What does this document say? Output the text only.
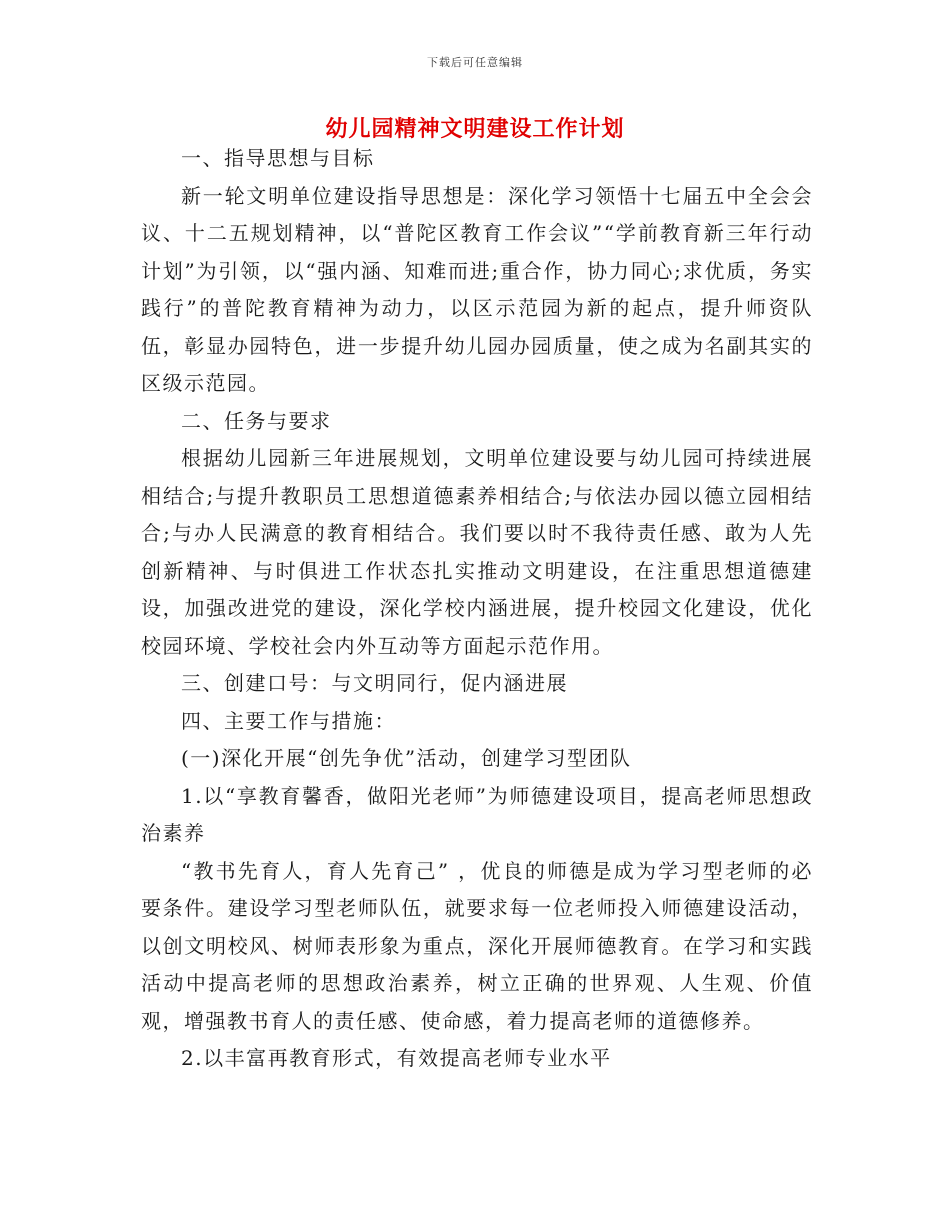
下载后可任意编辑
幼儿园精神文明建设工作计划

一、指导思想与目标

新一轮文明单位建设指导思想是：深化学习领悟十七届五中全会会议、十二五规划精神，以“普陀区教育工作会议”“学前教育新三年行动计划”为引领，以“强内涵、知难而进;重合作，协力同心;求优质，务实践行”的普陀教育精神为动力，以区示范园为新的起点，提升师资队伍，彰显办园特色，进一步提升幼儿园办园质量，使之成为名副其实的区级示范园。

二、任务与要求

根据幼儿园新三年进展规划，文明单位建设要与幼儿园可持续进展相结合;与提升教职员工思想道德素养相结合;与依法办园以德立园相结合;与办人民满意的教育相结合。我们要以时不我待责任感、敢为人先创新精神、与时俱进工作状态扎实推动文明建设，在注重思想道德建设，加强改进党的建设，深化学校内涵进展，提升校园文化建设，优化校园环境、学校社会内外互动等方面起示范作用。

三、创建口号：与文明同行，促内涵进展

四、主要工作与措施：

(一)深化开展“创先争优”活动，创建学习型团队

1.以“享教育馨香，做阳光老师”为师德建设项目，提高老师思想政治素养

“教书先育人，育人先育己” ，优良的师德是成为学习型老师的必要条件。建设学习型老师队伍，就要求每一位老师投入师德建设活动，以创文明校风、树师表形象为重点，深化开展师德教育。在学习和实践活动中提高老师的思想政治素养，树立正确的世界观、人生观、价值观，增强教书育人的责任感、使命感，着力提高老师的道德修养。

2.以丰富再教育形式，有效提高老师专业水平
